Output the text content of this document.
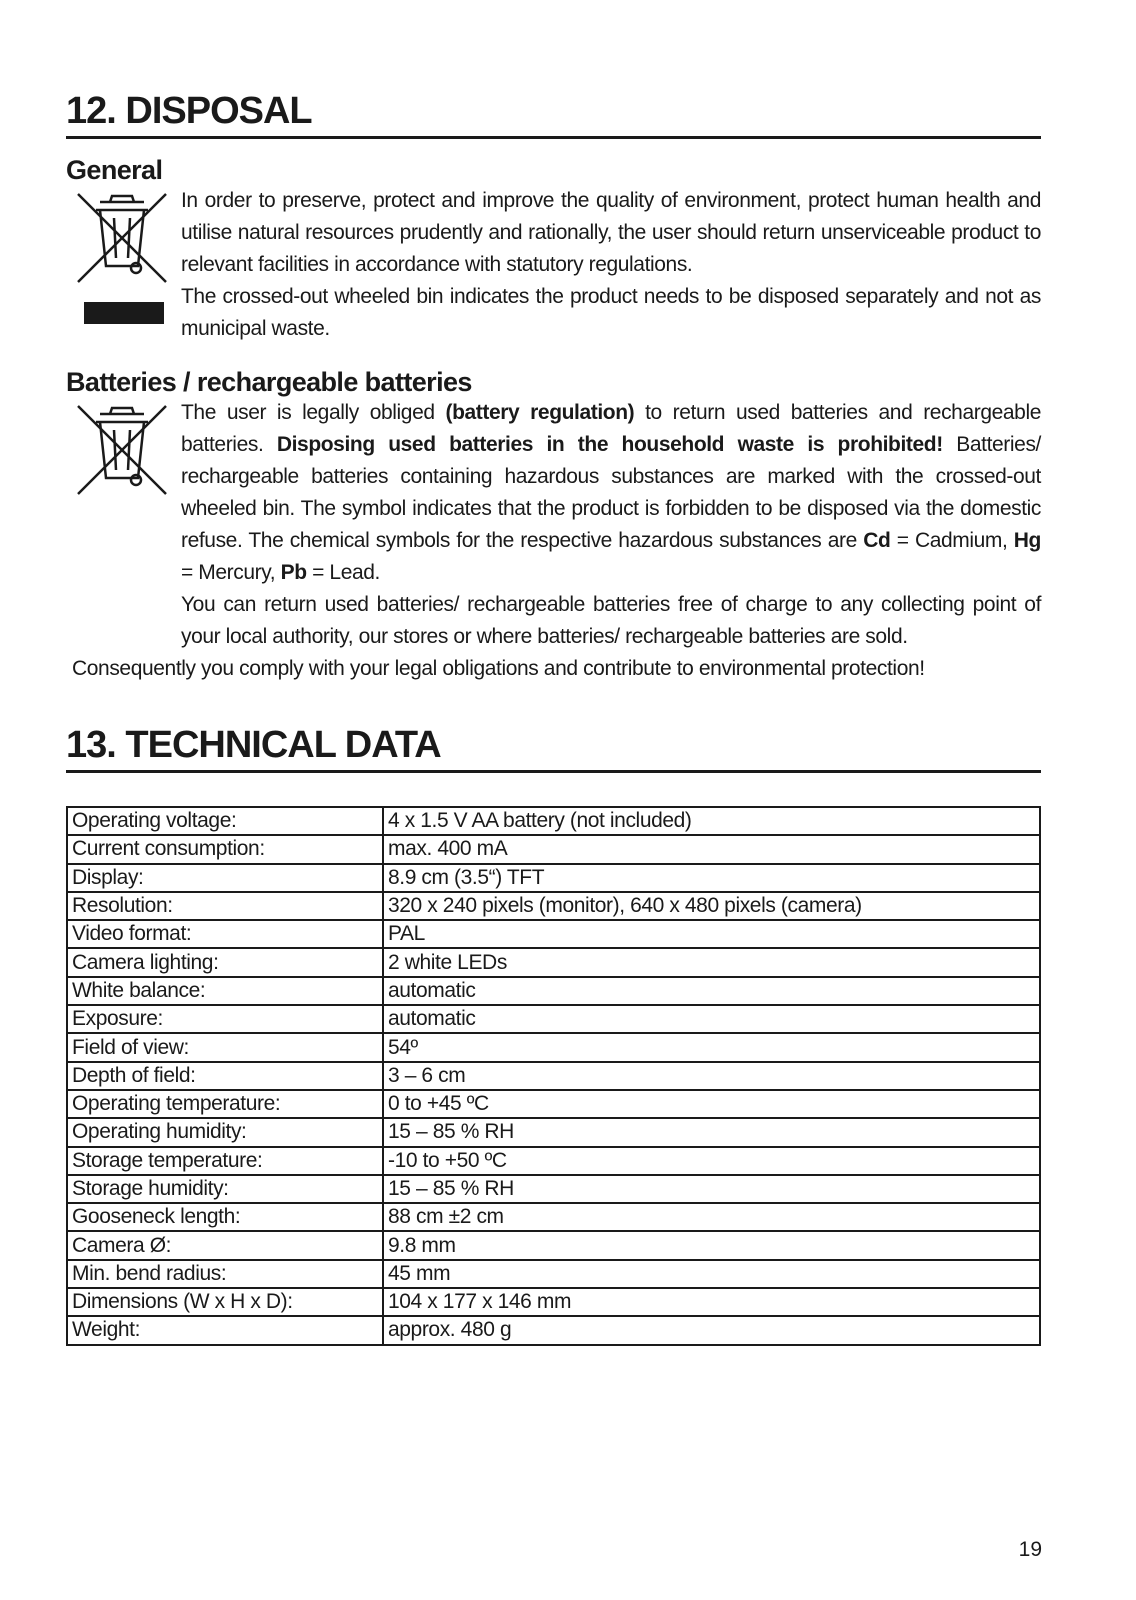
12. DISPOSAL
General

In order to preserve, protect and improve the quality of environment, protect human health and utilise natural resources prudently and rationally, the user should return unserviceable product to relevant facilities in accordance with statutory regulations.

The crossed-out wheeled bin indicates the product needs to be disposed separately and not as municipal waste.

Batteries / rechargeable batteries

The user is legally obliged (battery regulation) to return used batteries and rechargeable batteries. Disposing used batteries in the household waste is prohibited! Batteries/ rechargeable batteries containing hazardous substances are marked with the crossed-out wheeled bin. The symbol indicates that the product is forbidden to be disposed via the domestic refuse. The chemical symbols for the respective hazardous substances are Cd = Cadmium, Hg = Mercury, Pb = Lead.

You can return used batteries/ rechargeable batteries free of charge to any collecting point of your local authority, our stores or where batteries/ rechargeable batteries are sold.

Consequently you comply with your legal obligations and contribute to environmental protection!
13. TECHNICAL DATA
Operating voltage:	4 x 1.5 V AA battery (not included)
Current consumption:	max. 400 mA
Display:	8.9 cm (3.5“) TFT
Resolution:	320 x 240 pixels (monitor), 640 x 480 pixels (camera)
Video format:	PAL
Camera lighting:	2 white LEDs
White balance:	automatic
Exposure:	automatic
Field of view:	54º
Depth of field:	3 – 6 cm
Operating temperature:	0 to +45 ºC
Operating humidity:	15 – 85 % RH
Storage temperature:	-10 to +50 ºC
Storage humidity:	15 – 85 % RH
Gooseneck length:	88 cm ±2 cm
Camera Ø:	9.8 mm
Min. bend radius:	45 mm
Dimensions (W x H x D):	104 x 177 x 146 mm
Weight:	approx. 480 g
19
